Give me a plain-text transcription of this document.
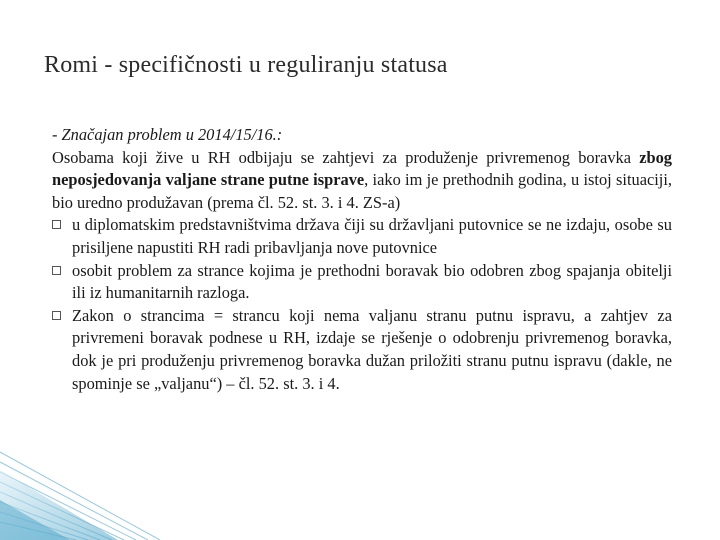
Romi - specifičnosti u reguliranju statusa
- Značajan problem u 2014/15/16.:
Osobama koji žive u RH odbijaju se zahtjevi za produženje privremenog boravka zbog neposjedovanja valjane strane putne isprave, iako im je prethodnih godina, u istoj situaciji, bio uredno produžavan (prema čl. 52. st. 3. i 4. ZS-a)
u diplomatskim predstavništvima država čiji su državljani putovnice se ne izdaju, osobe su prisiljene napustiti RH radi pribavljanja nove putovnice
osobit problem za strance kojima je prethodni boravak bio odobren zbog spajanja obitelji ili iz humanitarnih razloga.
Zakon o strancima = strancu koji nema valjanu stranu putnu ispravu, a zahtjev za privremeni boravak podnese u RH, izdaje se rješenje o odobrenju privremenog boravka, dok je pri produženju privremenog boravka dužan priložiti stranu putnu ispravu (dakle, ne spominje se „valjanu“) – čl. 52. st. 3. i 4.
